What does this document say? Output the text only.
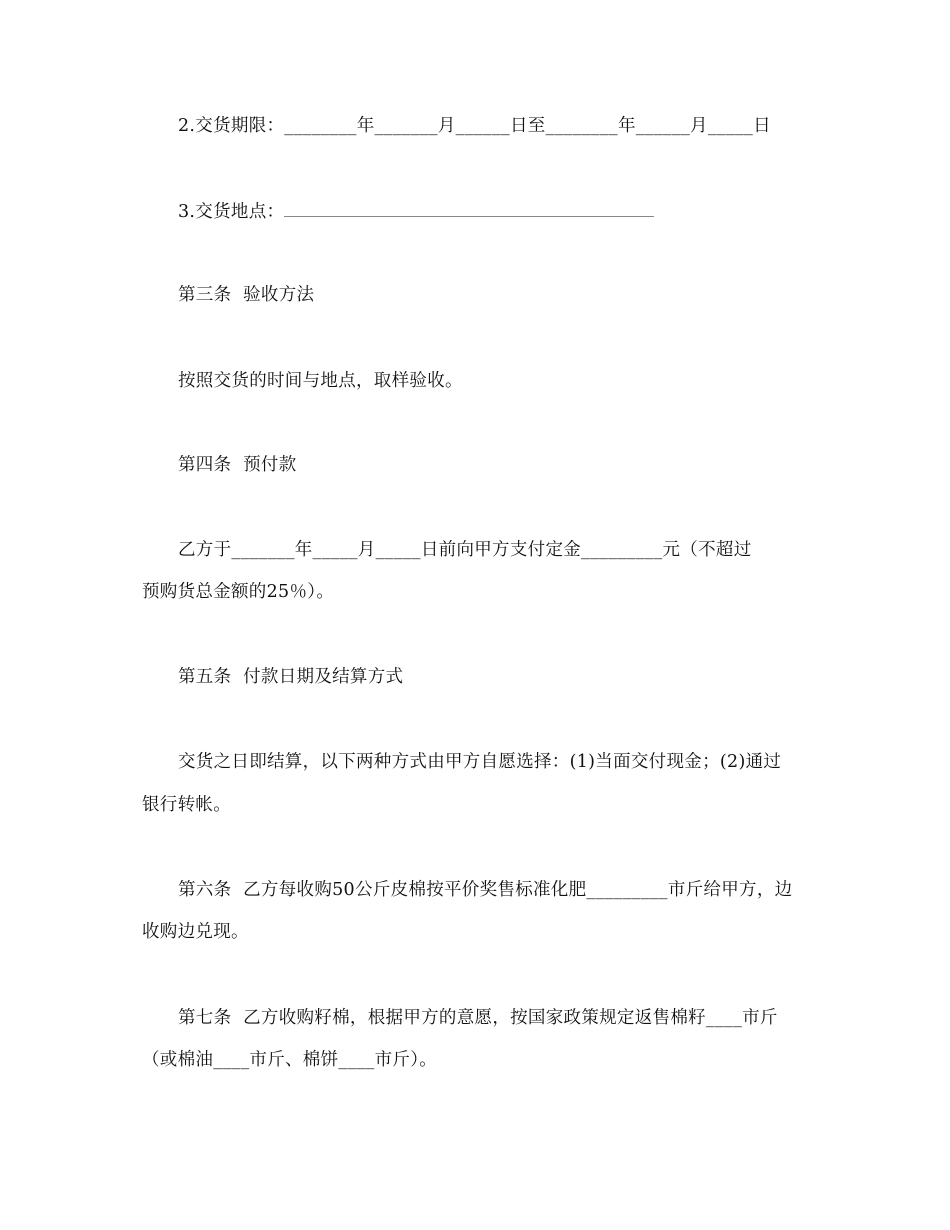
2.交货期限：________年_______月______日至________年______月_____日
3.交货地点：
第三条  验收方法
按照交货的时间与地点，取样验收。
第四条  预付款
乙方于_______年_____月_____日前向甲方支付定金_________元（不超过
预购货总金额的25％）。
第五条  付款日期及结算方式
交货之日即结算，以下两种方式由甲方自愿选择：(1)当面交付现金；(2)通过
银行转帐。
第六条  乙方每收购50公斤皮棉按平价奖售标准化肥_________市斤给甲方，边
收购边兑现。
第七条  乙方收购籽棉，根据甲方的意愿，按国家政策规定返售棉籽____市斤
（或棉油____市斤、棉饼____市斤）。
